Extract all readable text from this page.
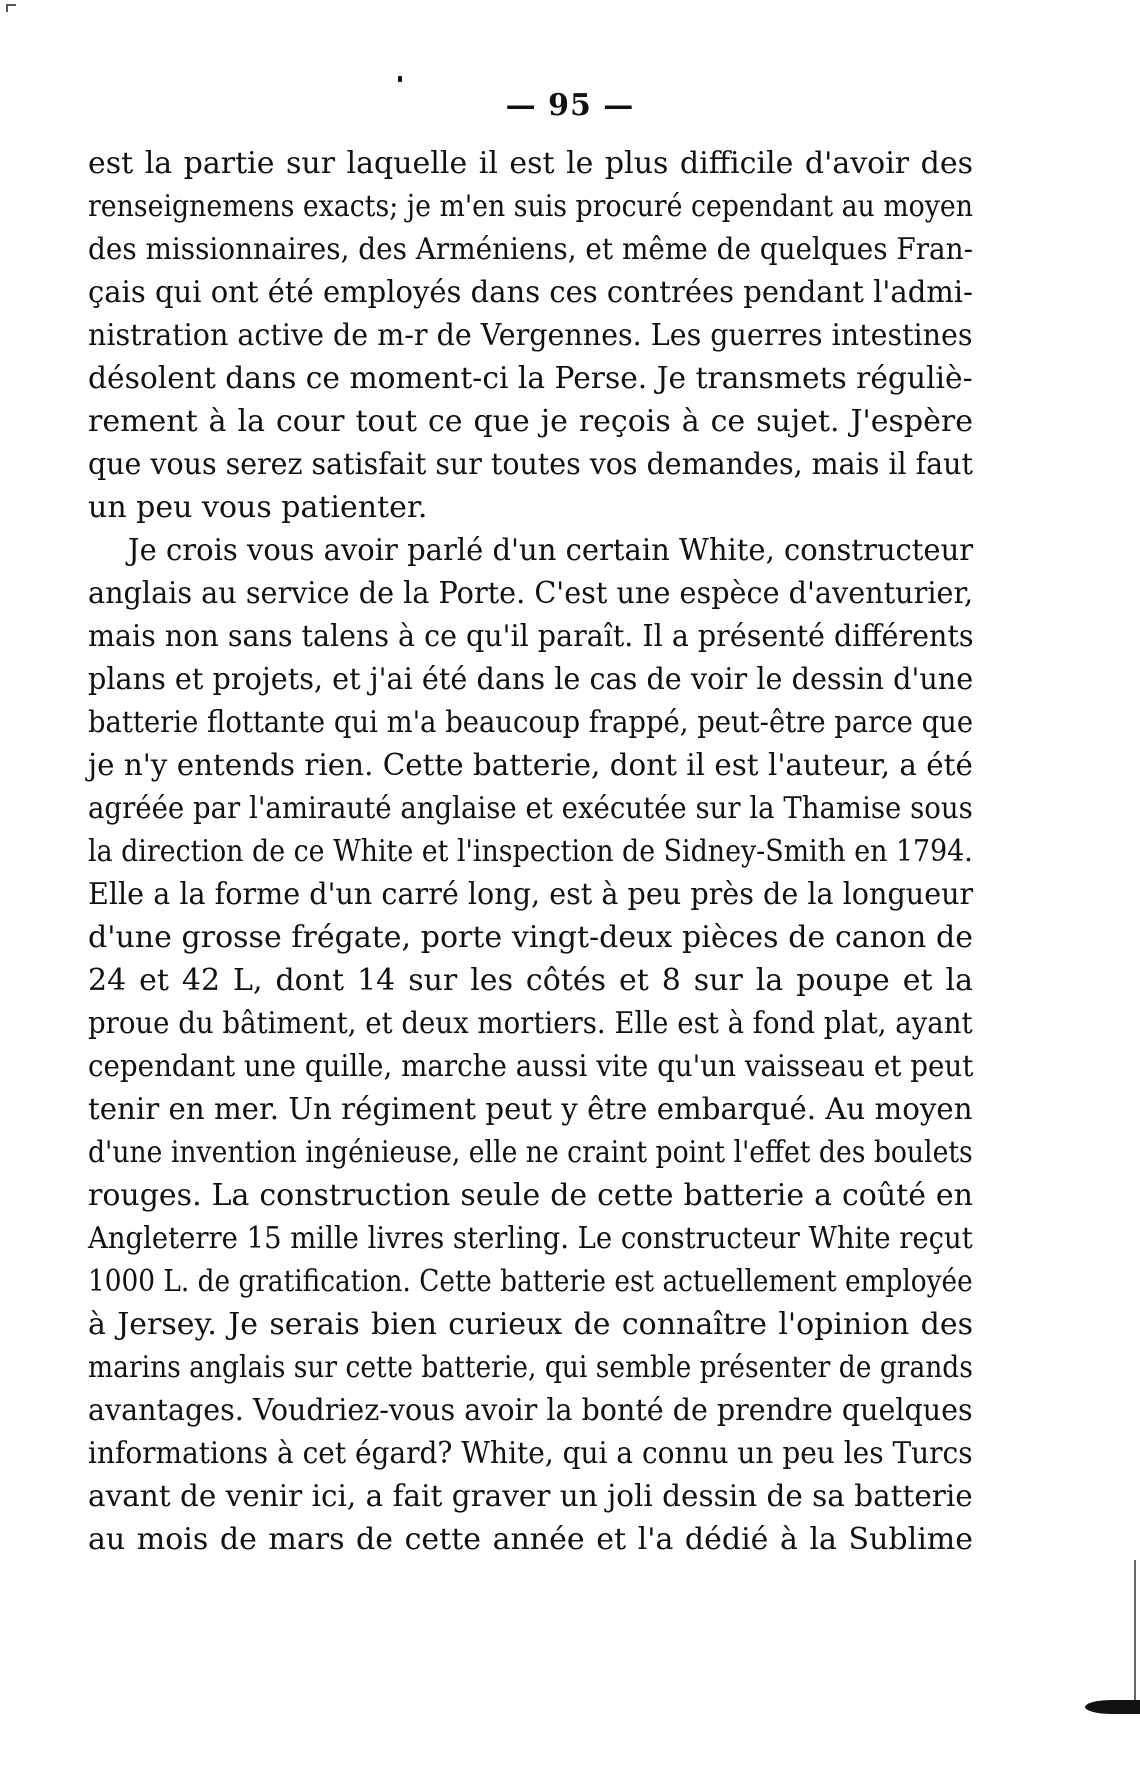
— 95 —
est la partie sur laquelle il est le plus difficile d'avoir des
renseignemens exacts; je m'en suis procuré cependant au moyen
des missionnaires, des Arméniens, et même de quelques Fran-
çais qui ont été employés dans ces contrées pendant l'admi-
nistration active de m-r de Vergennes. Les guerres intestines
désolent dans ce moment-ci la Perse. Je transmets réguliè-
rement à la cour tout ce que je reçois à ce sujet. J'espère
que vous serez satisfait sur toutes vos demandes, mais il faut
un peu vous patienter.
Je crois vous avoir parlé d'un certain White, constructeur
anglais au service de la Porte. C'est une espèce d'aventurier,
mais non sans talens à ce qu'il paraît. Il a présenté différents
plans et projets, et j'ai été dans le cas de voir le dessin d'une
batterie flottante qui m'a beaucoup frappé, peut-être parce que
je n'y entends rien. Cette batterie, dont il est l'auteur, a été
agréée par l'amirauté anglaise et exécutée sur la Thamise sous
la direction de ce White et l'inspection de Sidney-Smith en 1794.
Elle a la forme d'un carré long, est à peu près de la longueur
d'une grosse frégate, porte vingt-deux pièces de canon de
24 et 42 L, dont 14 sur les côtés et 8 sur la poupe et la
proue du bâtiment, et deux mortiers. Elle est à fond plat, ayant
cependant une quille, marche aussi vite qu'un vaisseau et peut
tenir en mer. Un régiment peut y être embarqué. Au moyen
d'une invention ingénieuse, elle ne craint point l'effet des boulets
rouges. La construction seule de cette batterie a coûté en
Angleterre 15 mille livres sterling. Le constructeur White reçut
1000 L. de gratification. Cette batterie est actuellement employée
à Jersey. Je serais bien curieux de connaître l'opinion des
marins anglais sur cette batterie, qui semble présenter de grands
avantages. Voudriez-vous avoir la bonté de prendre quelques
informations à cet égard? White, qui a connu un peu les Turcs
avant de venir ici, a fait graver un joli dessin de sa batterie
au mois de mars de cette année et l'a dédié à la Sublime
